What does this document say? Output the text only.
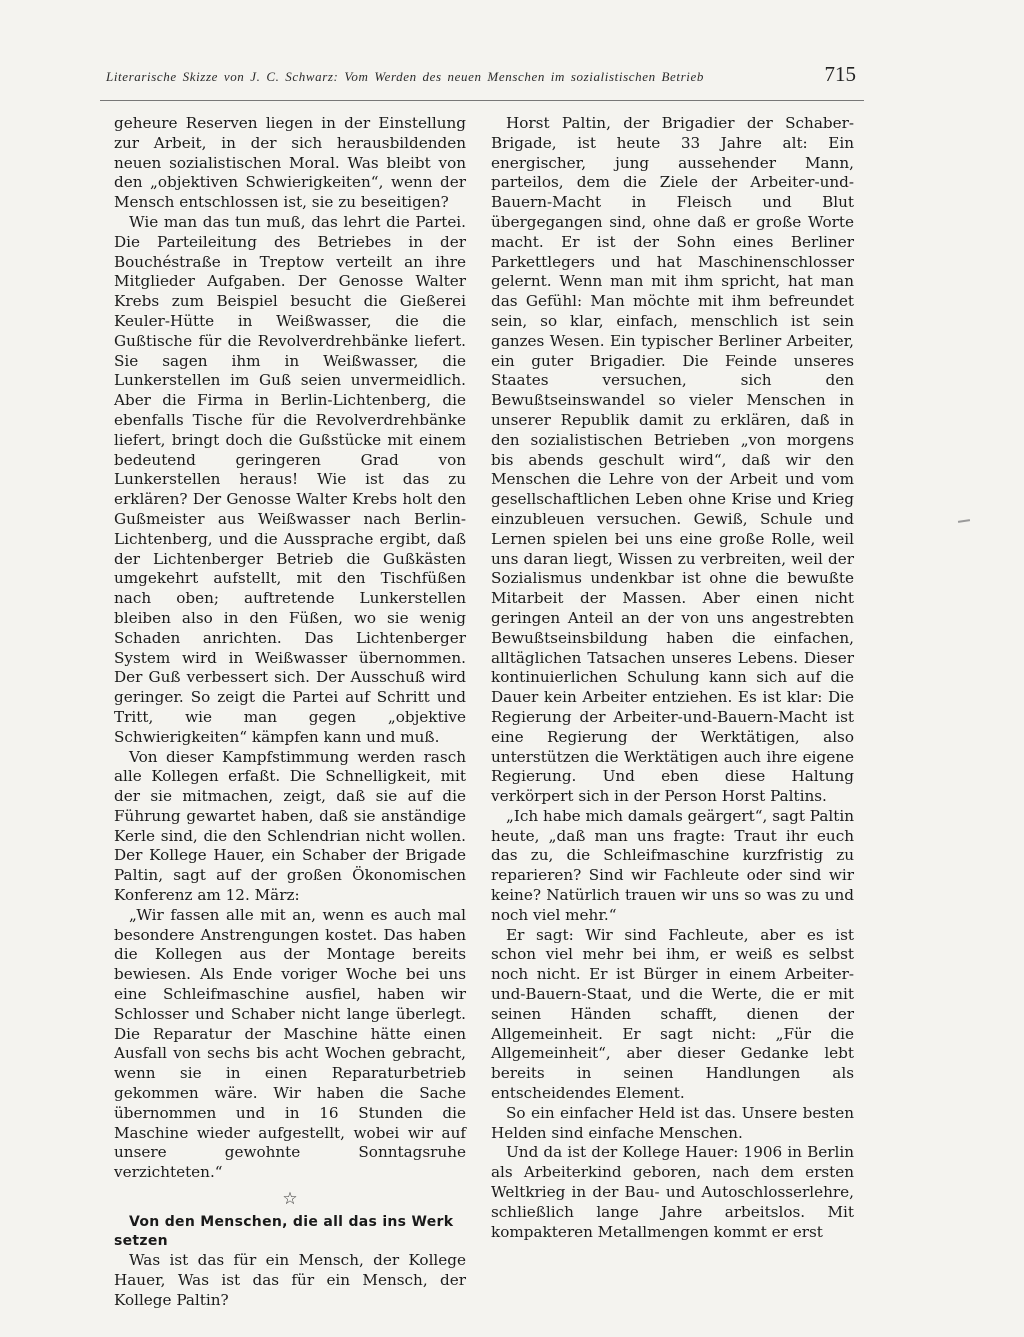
Literarische Skizze von J. C. Schwarz: Vom Werden des neuen Menschen im sozialistischen Betrieb	715

geheure Reserven liegen in der Einstellung zur Arbeit, in der sich herausbildenden neuen sozialistischen Moral. Was bleibt von den „objektiven Schwierigkeiten“, wenn der Mensch entschlossen ist, sie zu beseitigen?

Wie man das tun muß, das lehrt die Partei. Die Parteileitung des Betriebes in der Bouchéstraße in Treptow verteilt an ihre Mitglieder Aufgaben. Der Genosse Walter Krebs zum Beispiel besucht die Gießerei Keuler-Hütte in Weißwasser, die die Gußtische für die Revolverdrehbänke liefert. Sie sagen ihm in Weißwasser, die Lunkerstellen im Guß seien unvermeidlich. Aber die Firma in Berlin-Lichtenberg, die ebenfalls Tische für die Revolverdrehbänke liefert, bringt doch die Gußstücke mit einem bedeutend geringeren Grad von Lunkerstellen heraus! Wie ist das zu erklären? Der Genosse Walter Krebs holt den Gußmeister aus Weißwasser nach Berlin-Lichtenberg, und die Aussprache ergibt, daß der Lichtenberger Betrieb die Gußkästen umgekehrt aufstellt, mit den Tischfüßen nach oben; auftretende Lunkerstellen bleiben also in den Füßen, wo sie wenig Schaden anrichten. Das Lichtenberger System wird in Weißwasser übernommen. Der Guß verbessert sich. Der Ausschuß wird geringer. So zeigt die Partei auf Schritt und Tritt, wie man gegen „objektive Schwierigkeiten“ kämpfen kann und muß.

Von dieser Kampfstimmung werden rasch alle Kollegen erfaßt. Die Schnelligkeit, mit der sie mitmachen, zeigt, daß sie auf die Führung gewartet haben, daß sie anständige Kerle sind, die den Schlendrian nicht wollen. Der Kollege Hauer, ein Schaber der Brigade Paltin, sagt auf der großen Ökonomischen Konferenz am 12. März:

„Wir fassen alle mit an, wenn es auch mal besondere Anstrengungen kostet. Das haben die Kollegen aus der Montage bereits bewiesen. Als Ende voriger Woche bei uns eine Schleifmaschine ausfiel, haben wir Schlosser und Schaber nicht lange überlegt. Die Reparatur der Maschine hätte einen Ausfall von sechs bis acht Wochen gebracht, wenn sie in einen Reparaturbetrieb gekommen wäre. Wir haben die Sache übernommen und in 16 Stunden die Maschine wieder aufgestellt, wobei wir auf unsere gewohnte Sonntagsruhe verzichteten.“

☆

Von den Menschen, die all das ins Werk setzen

Was ist das für ein Mensch, der Kollege Hauer, Was ist das für ein Mensch, der Kollege Paltin?

Horst Paltin, der Brigadier der Schaber-Brigade, ist heute 33 Jahre alt: Ein energischer, jung aussehender Mann, parteilos, dem die Ziele der Arbeiter-und-Bauern-Macht in Fleisch und Blut übergegangen sind, ohne daß er große Worte macht. Er ist der Sohn eines Berliner Parkettlegers und hat Maschinenschlosser gelernt. Wenn man mit ihm spricht, hat man das Gefühl: Man möchte mit ihm befreundet sein, so klar, einfach, menschlich ist sein ganzes Wesen. Ein typischer Berliner Arbeiter, ein guter Brigadier. Die Feinde unseres Staates versuchen, sich den Bewußtseinswandel so vieler Menschen in unserer Republik damit zu erklären, daß in den sozialistischen Betrieben „von morgens bis abends geschult wird“, daß wir den Menschen die Lehre von der Arbeit und vom gesellschaftlichen Leben ohne Krise und Krieg einzubleuen versuchen. Gewiß, Schule und Lernen spielen bei uns eine große Rolle, weil uns daran liegt, Wissen zu verbreiten, weil der Sozialismus undenkbar ist ohne die bewußte Mitarbeit der Massen. Aber einen nicht geringen Anteil an der von uns angestrebten Bewußtseinsbildung haben die einfachen, alltäglichen Tatsachen unseres Lebens. Dieser kontinuierlichen Schulung kann sich auf die Dauer kein Arbeiter entziehen. Es ist klar: Die Regierung der Arbeiter-und-Bauern-Macht ist eine Regierung der Werktätigen, also unterstützen die Werktätigen auch ihre eigene Regierung. Und eben diese Haltung verkörpert sich in der Person Horst Paltins.

„Ich habe mich damals geärgert“, sagt Paltin heute, „daß man uns fragte: Traut ihr euch das zu, die Schleifmaschine kurzfristig zu reparieren? Sind wir Fachleute oder sind wir keine? Natürlich trauen wir uns so was zu und noch viel mehr.“

Er sagt: Wir sind Fachleute, aber es ist schon viel mehr bei ihm, er weiß es selbst noch nicht. Er ist Bürger in einem Arbeiter-und-Bauern-Staat, und die Werte, die er mit seinen Händen schafft, dienen der Allgemeinheit. Er sagt nicht: „Für die Allgemeinheit“, aber dieser Gedanke lebt bereits in seinen Handlungen als entscheidendes Element.

So ein einfacher Held ist das. Unsere besten Helden sind einfache Menschen.

Und da ist der Kollege Hauer: 1906 in Berlin als Arbeiterkind geboren, nach dem ersten Weltkrieg in der Bau- und Autoschlosserlehre, schließlich lange Jahre arbeitslos. Mit kompakteren Metallmengen kommt er erst
